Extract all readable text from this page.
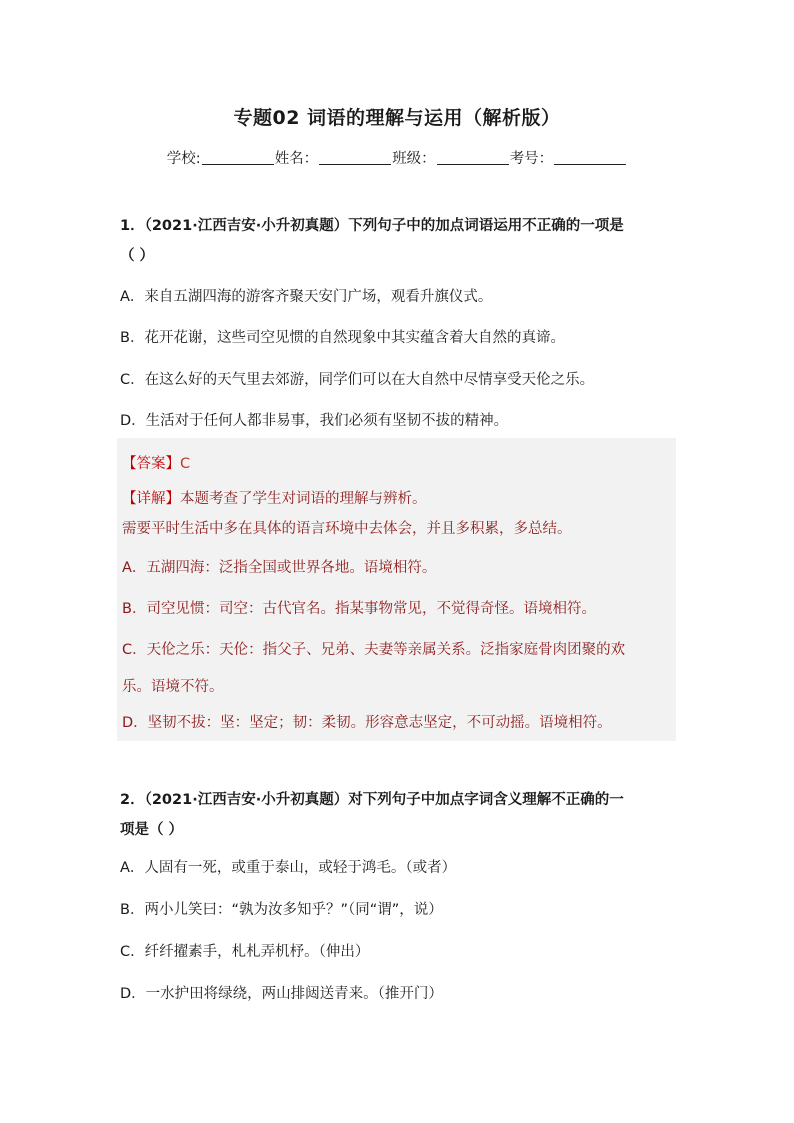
专题02 词语的理解与运用（解析版）
学校:	姓名：	班级：	考号：
1．（2021·江西吉安·小升初真题）下列句子中的加点词语运用不正确的一项是
（ ）
A．来自五湖四海的游客齐聚天安门广场，观看升旗仪式。
B．花开花谢，这些司空见惯的自然现象中其实蕴含着大自然的真谛。
C．在这么好的天气里去郊游，同学们可以在大自然中尽情享受天伦之乐。
D．生活对于任何人都非易事，我们必须有坚韧不拔的精神。
【答案】C
【详解】本题考查了学生对词语的理解与辨析。
需要平时生活中多在具体的语言环境中去体会，并且多积累，多总结。
A．五湖四海：泛指全国或世界各地。语境相符。
B．司空见惯：司空：古代官名。指某事物常见，不觉得奇怪。语境相符。
C．天伦之乐：天伦：指父子、兄弟、夫妻等亲属关系。泛指家庭骨肉团聚的欢
乐。语境不符。
D．坚韧不拔：坚：坚定；韧：柔韧。形容意志坚定，不可动摇。语境相符。
2．（2021·江西吉安·小升初真题）对下列句子中加点字词含义理解不正确的一
项是（ ）
A．人固有一死，或重于泰山，或轻于鸿毛。（或者）
B．两小儿笑曰：“孰为汝多知乎？”（同“谓”，说）
C．纤纤擢素手，札札弄机杼。（伸出）
D．一水护田将绿绕，两山排闼送青来。（推开门）
